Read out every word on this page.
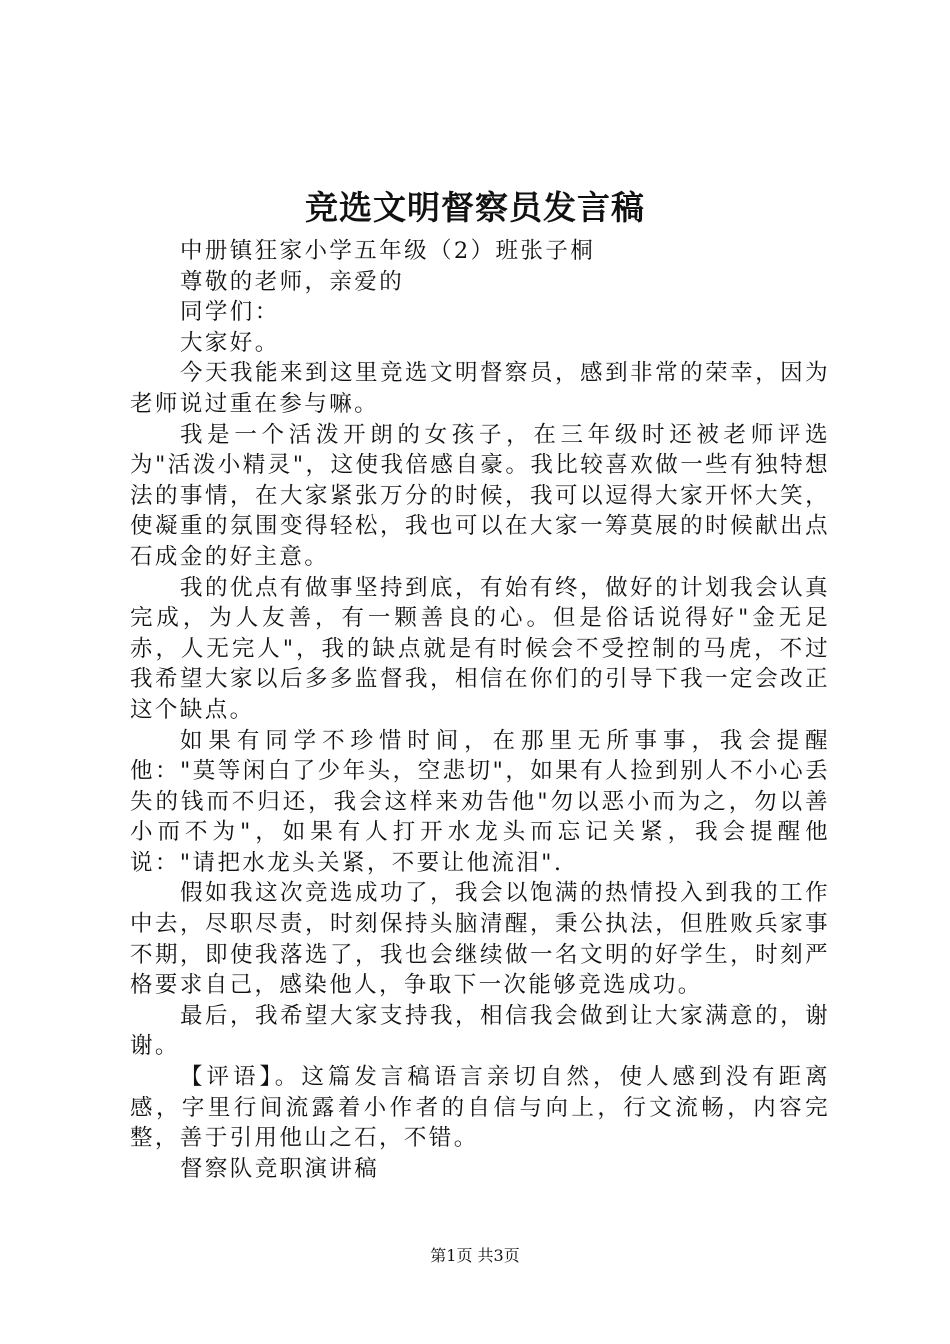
竞选文明督察员发言稿

中册镇狂家小学五年级（2）班张子桐

尊敬的老师，亲爱的

同学们：

大家好。

今天我能来到这里竞选文明督察员，感到非常的荣幸，因为老师说过重在参与嘛。

我是一个活泼开朗的女孩子，在三年级时还被老师评选为"活泼小精灵"，这使我倍感自豪。我比较喜欢做一些有独特想法的事情，在大家紧张万分的时候，我可以逗得大家开怀大笑，使凝重的氛围变得轻松，我也可以在大家一筹莫展的时候献出点石成金的好主意。

我的优点有做事坚持到底，有始有终，做好的计划我会认真完成，为人友善，有一颗善良的心。但是俗话说得好"金无足赤，人无完人"，我的缺点就是有时候会不受控制的马虎，不过我希望大家以后多多监督我，相信在你们的引导下我一定会改正这个缺点。

如果有同学不珍惜时间，在那里无所事事，我会提醒他："莫等闲白了少年头，空悲切"，如果有人捡到别人不小心丢失的钱而不归还，我会这样来劝告他"勿以恶小而为之，勿以善小而不为"，如果有人打开水龙头而忘记关紧，我会提醒他说："请把水龙头关紧，不要让他流泪".

假如我这次竞选成功了，我会以饱满的热情投入到我的工作中去，尽职尽责，时刻保持头脑清醒，秉公执法，但胜败兵家事不期，即使我落选了，我也会继续做一名文明的好学生，时刻严格要求自己，感染他人，争取下一次能够竞选成功。

最后，我希望大家支持我，相信我会做到让大家满意的，谢谢。

【评语】。这篇发言稿语言亲切自然，使人感到没有距离感，字里行间流露着小作者的自信与向上，行文流畅，内容完整，善于引用他山之石，不错。

督察队竞职演讲稿

第1页 共3页
